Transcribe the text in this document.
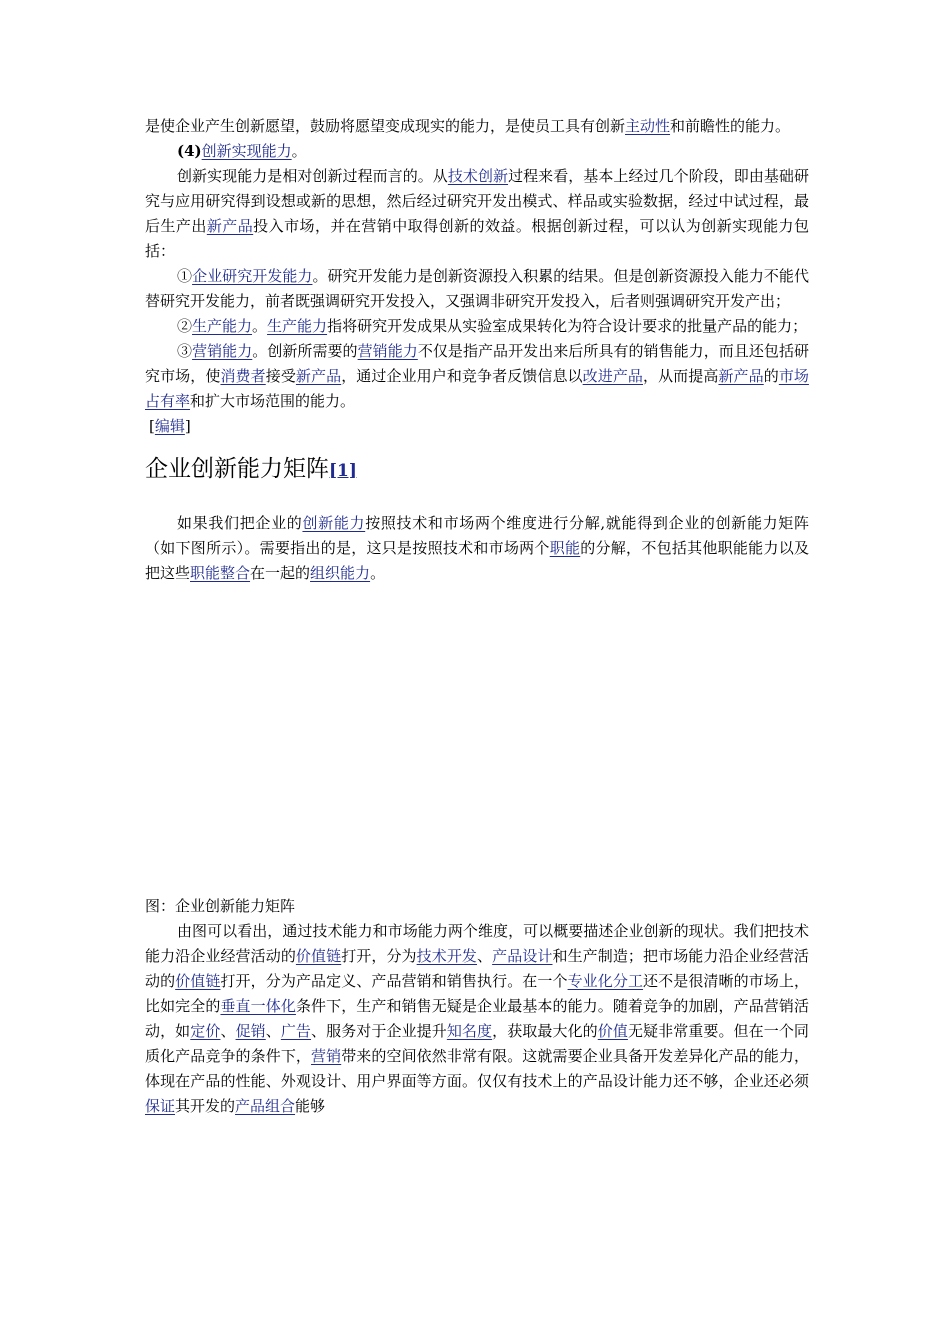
是使企业产生创新愿望，鼓励将愿望变成现实的能力，是使员工具有创新主动性和前瞻性的能力。

(4)创新实现能力。

创新实现能力是相对创新过程而言的。从技术创新过程来看，基本上经过几个阶段，即由基础研究与应用研究得到设想或新的思想，然后经过研究开发出模式、样品或实验数据，经过中试过程，最后生产出新产品投入市场，并在营销中取得创新的效益。根据创新过程，可以认为创新实现能力包括：

①企业研究开发能力。研究开发能力是创新资源投入积累的结果。但是创新资源投入能力不能代替研究开发能力，前者既强调研究开发投入，又强调非研究开发投入，后者则强调研究开发产出；

②生产能力。生产能力指将研究开发成果从实验室成果转化为符合设计要求的批量产品的能力；

③营销能力。创新所需要的营销能力不仅是指产品开发出来后所具有的销售能力，而且还包括研究市场，使消费者接受新产品，通过企业用户和竞争者反馈信息以改进产品，从而提高新产品的市场占有率和扩大市场范围的能力。

[编辑]

企业创新能力矩阵[1]

如果我们把企业的创新能力按照技术和市场两个维度进行分解,就能得到企业的创新能力矩阵（如下图所示）。需要指出的是，这只是按照技术和市场两个职能的分解，不包括其他职能能力以及把这些职能整合在一起的组织能力。

图：企业创新能力矩阵

由图可以看出，通过技术能力和市场能力两个维度，可以概要描述企业创新的现状。我们把技术能力沿企业经营活动的价值链打开，分为技术开发、产品设计和生产制造；把市场能力沿企业经营活动的价值链打开，分为产品定义、产品营销和销售执行。在一个专业化分工还不是很清晰的市场上，比如完全的垂直一体化条件下，生产和销售无疑是企业最基本的能力。随着竞争的加剧，产品营销活动，如定价、促销、广告、服务对于企业提升知名度，获取最大化的价值无疑非常重要。但在一个同质化产品竞争的条件下，营销带来的空间依然非常有限。这就需要企业具备开发差异化产品的能力，体现在产品的性能、外观设计、用户界面等方面。仅仅有技术上的产品设计能力还不够，企业还必须保证其开发的产品组合能够
